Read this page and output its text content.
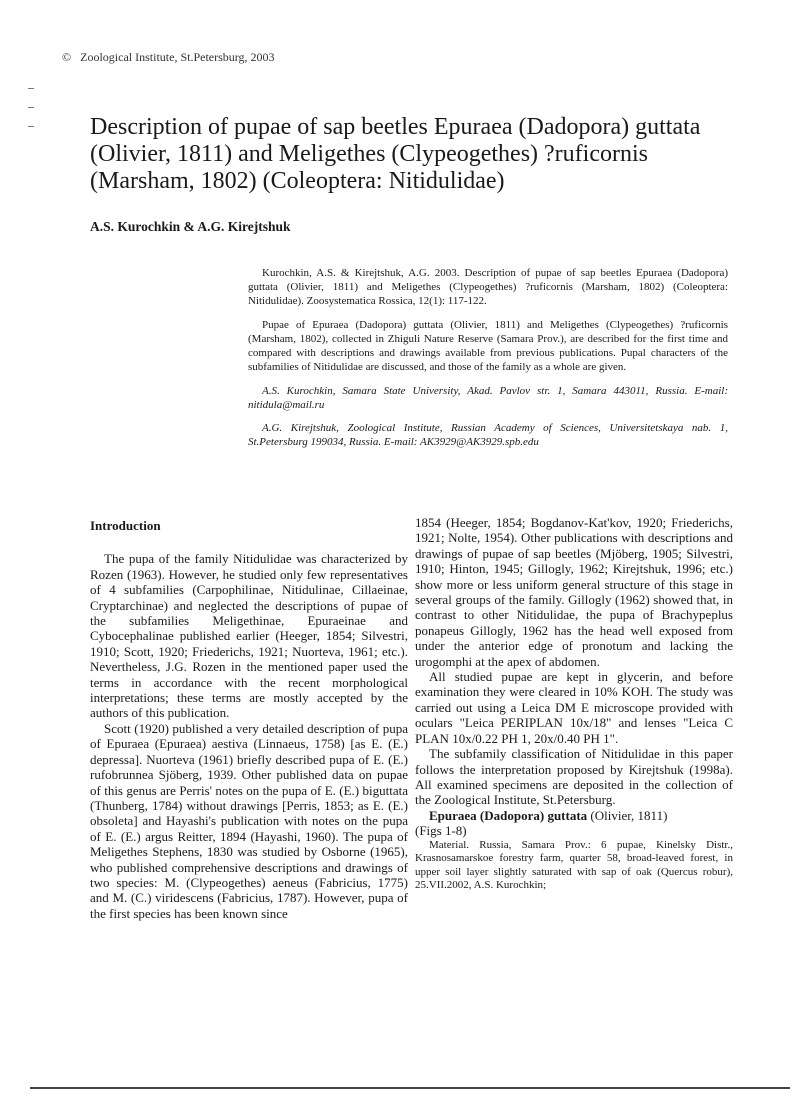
© Zoological Institute, St.Petersburg, 2003
Description of pupae of sap beetles Epuraea (Dadopora) guttata (Olivier, 1811) and Meligethes (Clypeogethes) ?ruficornis (Marsham, 1802) (Coleoptera: Nitidulidae)
A.S. Kurochkin & A.G. Kirejtshuk

Kurochkin, A.S. & Kirejtshuk, A.G. 2003. Description of pupae of sap beetles Epuraea (Dadopora) guttata (Olivier, 1811) and Meligethes (Clypeogethes) ?ruficornis (Marsham, 1802) (Coleoptera: Nitidulidae). Zoosystematica Rossica, 12(1): 117-122.

Pupae of Epuraea (Dadopora) guttata (Olivier, 1811) and Meligethes (Clypeogethes) ?ruficornis (Marsham, 1802), collected in Zhiguli Nature Reserve (Samara Prov.), are described for the first time and compared with descriptions and drawings available from previous publications. Pupal characters of the subfamilies of Nitidulidae are discussed, and those of the family as a whole are given.

A.S. Kurochkin, Samara State University, Akad. Pavlov str. 1, Samara 443011, Russia. E-mail: nitidula@mail.ru

A.G. Kirejtshuk, Zoological Institute, Russian Academy of Sciences, Universitetskaya nab. 1, St.Petersburg 199034, Russia. E-mail: AK3929@AK3929.spb.edu

Introduction

The pupa of the family Nitidulidae was characterized by Rozen (1963). However, he studied only few representatives of 4 subfamilies (Carpophilinae, Nitidulinae, Cillaeinae, Cryptarchinae) and neglected the descriptions of pupae of the subfamilies Meligethinae, Epuraeinae and Cybocephalinae published earlier (Heeger, 1854; Silvestri, 1910; Scott, 1920; Friederichs, 1921; Nuorteva, 1961; etc.). Nevertheless, J.G. Rozen in the mentioned paper used the terms in accordance with the recent morphological interpretations; these terms are mostly accepted by the authors of this publication.

Scott (1920) published a very detailed description of pupa of Epuraea (Epuraea) aestiva (Linnaeus, 1758) [as E. (E.) depressa]. Nuorteva (1961) briefly described pupa of E. (E.) rufobrunnea Sjöberg, 1939. Other published data on pupae of this genus are Perris' notes on the pupa of E. (E.) biguttata (Thunberg, 1784) without drawings [Perris, 1853; as E. (E.) obsoleta] and Hayashi's publication with notes on the pupa of E. (E.) argus Reitter, 1894 (Hayashi, 1960). The pupa of Meligethes Stephens, 1830 was studied by Osborne (1965), who published comprehensive descriptions and drawings of two species: M. (Clypeogethes) aeneus (Fabricius, 1775) and M. (C.) viridescens (Fabricius, 1787). However, pupa of the first species has been known since

1854 (Heeger, 1854; Bogdanov-Kat'kov, 1920; Friederichs, 1921; Nolte, 1954). Other publications with descriptions and drawings of pupae of sap beetles (Mjöberg, 1905; Silvestri, 1910; Hinton, 1945; Gillogly, 1962; Kirejtshuk, 1996; etc.) show more or less uniform general structure of this stage in several groups of the family. Gillogly (1962) showed that, in contrast to other Nitidulidae, the pupa of Brachypeplus ponapeus Gillogly, 1962 has the head well exposed from under the anterior edge of pronotum and lacking the urogomphi at the apex of abdomen.

All studied pupae are kept in glycerin, and before examination they were cleared in 10% KOH. The study was carried out using a Leica DM E microscope provided with oculars "Leica PERIPLAN 10x/18" and lenses "Leica C PLAN 10x/0.22 PH 1, 20x/0.40 PH 1".

The subfamily classification of Nitidulidae in this paper follows the interpretation proposed by Kirejtshuk (1998a). All examined specimens are deposited in the collection of the Zoological Institute, St.Petersburg.

Epuraea (Dadopora) guttata (Olivier, 1811)
(Figs 1-8)

Material. Russia, Samara Prov.: 6 pupae, Kinelsky Distr., Krasnosamarskoe forestry farm, quarter 58, broad-leaved forest, in upper soil layer slightly saturated with sap of oak (Quercus robur), 25.VII.2002, A.S. Kurochkin;
